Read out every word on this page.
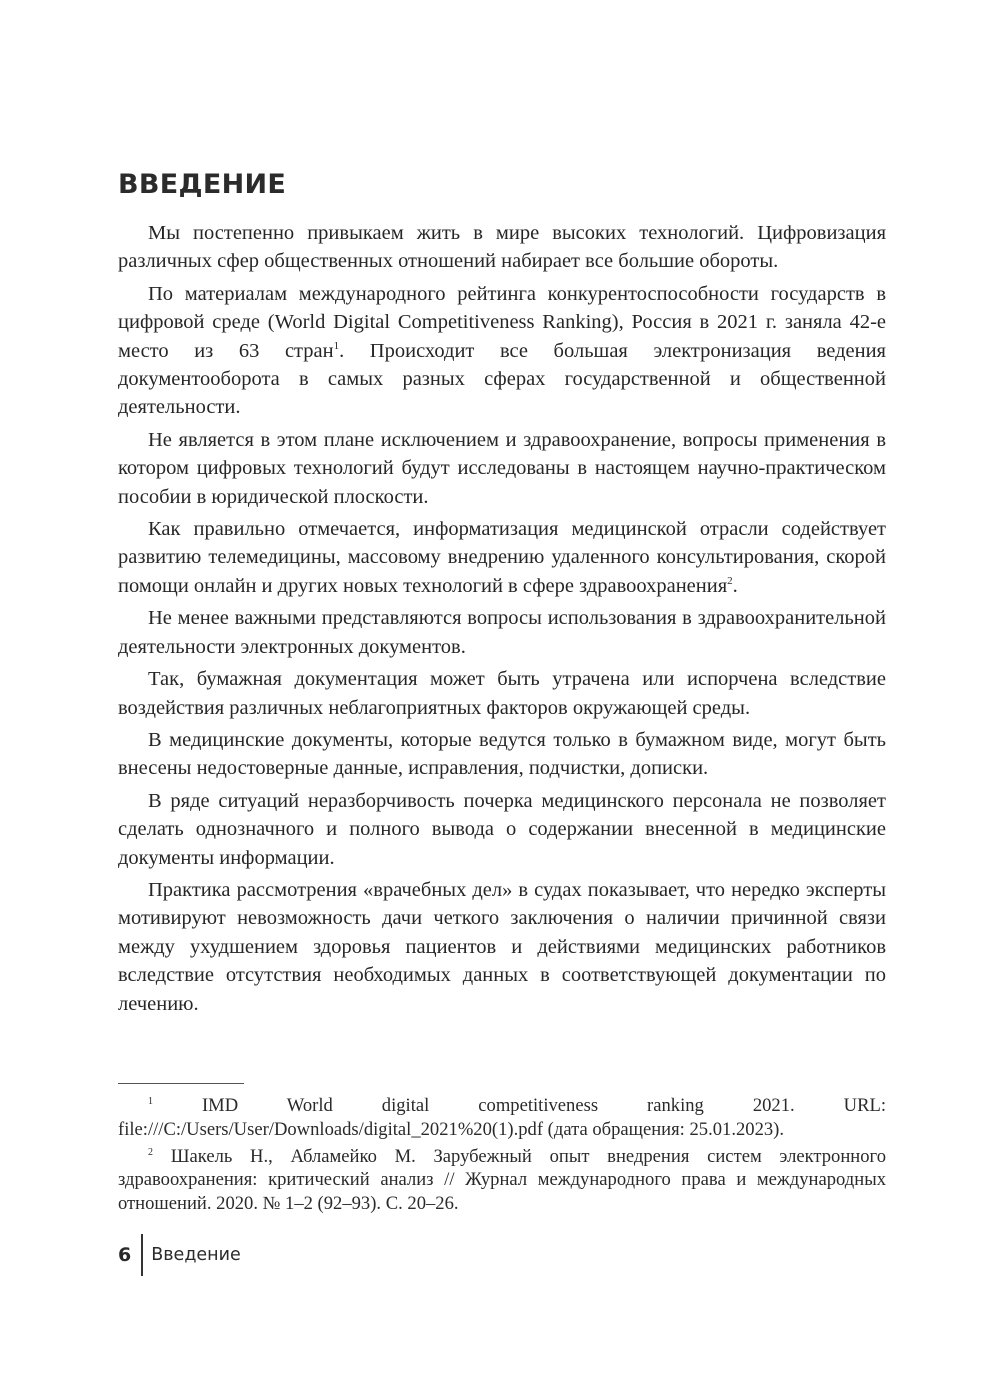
ВВЕДЕНИЕ

Мы постепенно привыкаем жить в мире высоких технологий. Цифровизация различных сфер общественных отношений набирает все большие обороты.

По материалам международного рейтинга конкурентоспособности государств в цифровой среде (World Digital Competitiveness Ranking), Россия в 2021 г. заняла 42-е место из 63 стран$^1$. Происходит все большая электронизация ведения документооборота в самых разных сферах государственной и общественной деятельности.

Не является в этом плане исключением и здравоохранение, вопросы применения в котором цифровых технологий будут исследованы в настоящем научно-практическом пособии в юридической плоскости.

Как правильно отмечается, информатизация медицинской отрасли содействует развитию телемедицины, массовому внедрению удаленного консультирования, скорой помощи онлайн и других новых технологий в сфере здравоохранения$^2$.

Не менее важными представляются вопросы использования в здравоохранительной деятельности электронных документов.

Так, бумажная документация может быть утрачена или испорчена вследствие воздействия различных неблагоприятных факторов окружающей среды.

В медицинские документы, которые ведутся только в бумажном виде, могут быть внесены недостоверные данные, исправления, подчистки, дописки.

В ряде ситуаций неразборчивость почерка медицинского персонала не позволяет сделать однозначного и полного вывода о содержании внесенной в медицинские документы информации.

Практика рассмотрения «врачебных дел» в судах показывает, что нередко эксперты мотивируют невозможность дачи четкого заключения о наличии причинной связи между ухудшением здоровья пациентов и действиями медицинских работников вследствие отсутствия необходимых данных в соответствующей документации по лечению.

$^1$	IMD World digital competitiveness ranking 2021. URL: file:///C:/Users/User/Downloads/digital_2021%20(1).pdf (дата обращения: 25.01.2023).

$^2$ Шакель Н., Абламейко М. Зарубежный опыт внедрения систем электронного здравоохранения: критический анализ // Журнал международного права и международных отношений. 2020. № 1–2 (92–93). С. 20–26.

6 Введение
